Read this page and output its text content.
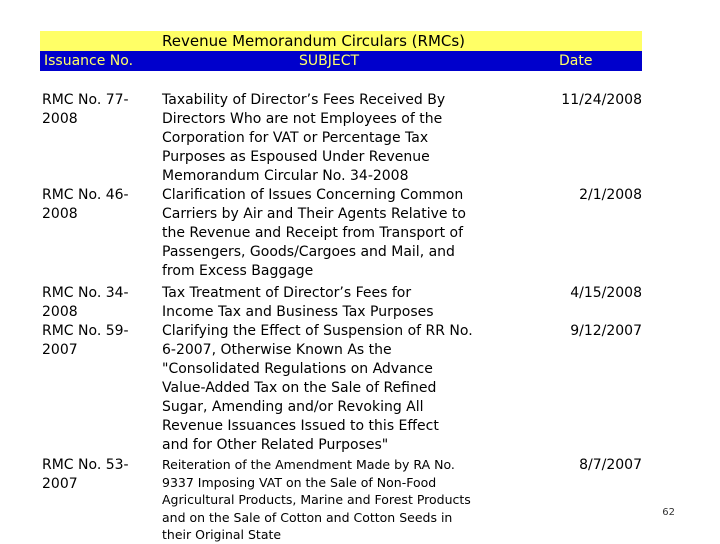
Revenue Memorandum Circulars (RMCs)
Issuance No.	SUBJECT	Date
RMC No. 77-
2008
Taxability of Director’s Fees Received By
Directors Who are not Employees of the
Corporation for VAT or Percentage Tax
Purposes as Espoused Under Revenue
Memorandum Circular No. 34-2008
11/24/2008
RMC No. 46-
2008
Clarification of Issues Concerning Common
Carriers by Air and Their Agents Relative to
the Revenue and Receipt from Transport of
Passengers, Goods/Cargoes and Mail, and
from Excess Baggage
2/1/2008
RMC No. 34-
2008
Tax Treatment of Director’s Fees for
Income Tax and Business Tax Purposes
4/15/2008
RMC No. 59-
2007
Clarifying the Effect of Suspension of RR No.
6-2007, Otherwise Known As the
"Consolidated Regulations on Advance
Value-Added Tax on the Sale of Refined
Sugar, Amending and/or Revoking All
Revenue Issuances Issued to this Effect
and for Other Related Purposes"
9/12/2007
RMC No. 53-
2007
Reiteration of the Amendment Made by RA No.
9337 Imposing VAT on the Sale of Non-Food
Agricultural Products, Marine and Forest Products
and on the Sale of Cotton and Cotton Seeds in
their Original State
8/7/2007
62
